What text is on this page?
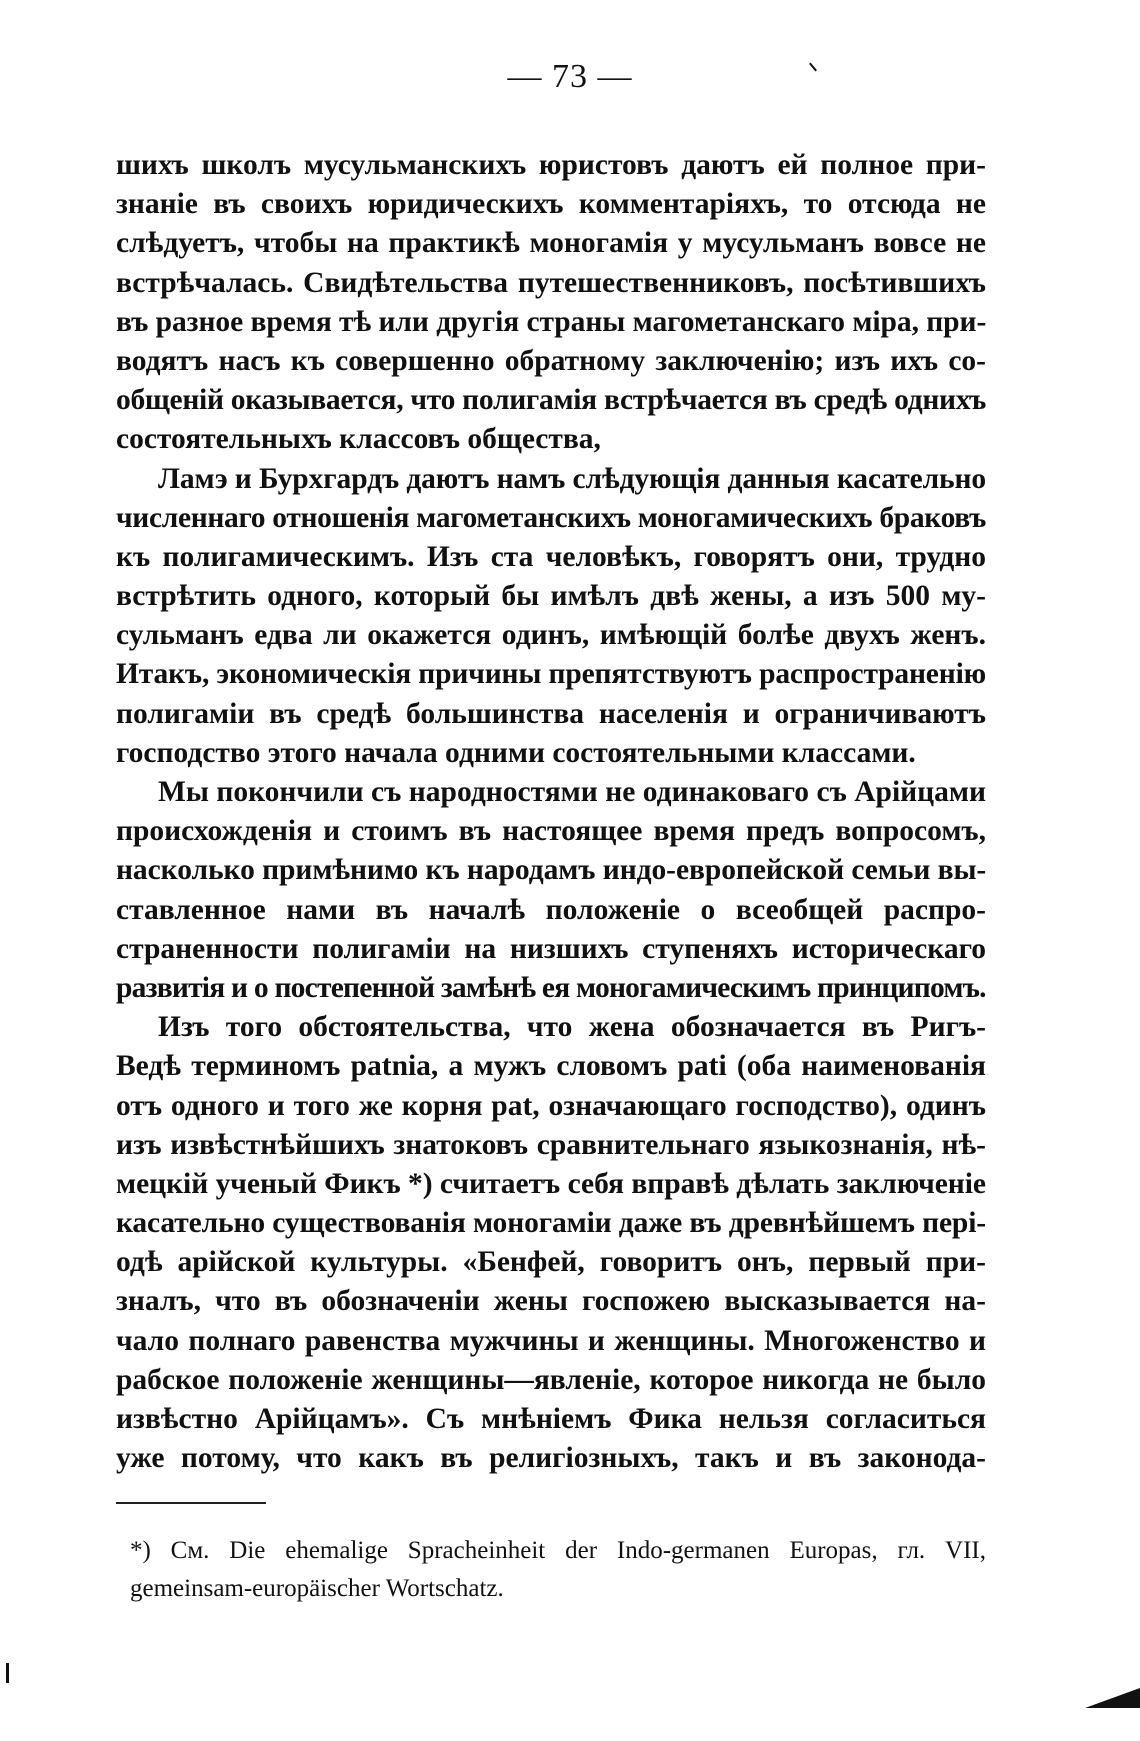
— 73 —

шихъ школъ мусульманскихъ юристовъ даютъ ей полное при-
знаніе въ своихъ юридическихъ комментаріяхъ, то отсюда не
слѣдуетъ, чтобы на практикѣ моногамія у мусульманъ вовсе не
встрѣчалась. Свидѣтельства путешественниковъ, посѣтившихъ
въ разное время тѣ или другія страны магометанскаго міра, при-
водятъ насъ къ совершенно обратному заключенію; изъ ихъ со-
общеній оказывается, что полигамія встрѣчается въ средѣ однихъ
состоятельныхъ классовъ общества,

Ламэ и Бурхгардъ даютъ намъ слѣдующія данныя касательно
численнаго отношенія магометанскихъ моногамическихъ браковъ
къ полигамическимъ. Изъ ста человѣкъ, говорятъ они, трудно
встрѣтить одного, который бы имѣлъ двѣ жены, а изъ 500 му-
сульманъ едва ли окажется одинъ, имѣющій болѣе двухъ женъ.
Итакъ, экономическія причины препятствуютъ распространенію
полигаміи въ средѣ большинства населенія и ограничиваютъ
господство этого начала одними состоятельными классами.

Мы покончили съ народностями не одинаковаго съ Арійцами
происхожденія и стоимъ въ настоящее время предъ вопросомъ,
насколько примѣнимо къ народамъ индо-европейской семьи вы-
ставленное нами въ началѣ положеніе о всеобщей распро-
страненности полигаміи на низшихъ ступеняхъ историческаго
развитія и о постепенной замѣнѣ ея моногамическимъ принципомъ.

Изъ того обстоятельства, что жена обозначается въ Ригъ-
Ведѣ терминомъ patnia, а мужъ словомъ pati (оба наименованія
отъ одного и того же корня pat, означающаго господство), одинъ
изъ извѣстнѣйшихъ знатоковъ сравнительнаго языкознанія, нѣ-
мецкій ученый Фикъ *) считаетъ себя вправѣ дѣлать заключеніе
касательно существованія моногаміи даже въ древнѣйшемъ пері-
одѣ арійской культуры. «Бенфей, говоритъ онъ, первый при-
зналъ, что въ обозначеніи жены госпожею высказывается на-
чало полнаго равенства мужчины и женщины. Многоженство и
рабское положеніе женщины—явленіе, которое никогда не было
извѣстно Арійцамъ». Съ мнѣніемъ Фика нельзя согласиться
уже потому, что какъ въ религіозныхъ, такъ и въ законода-

*) См. Die ehemalige Spracheinheit der Indo-germanen Europas, гл. VII,
gemeinsam-europäischer Wortschatz.
